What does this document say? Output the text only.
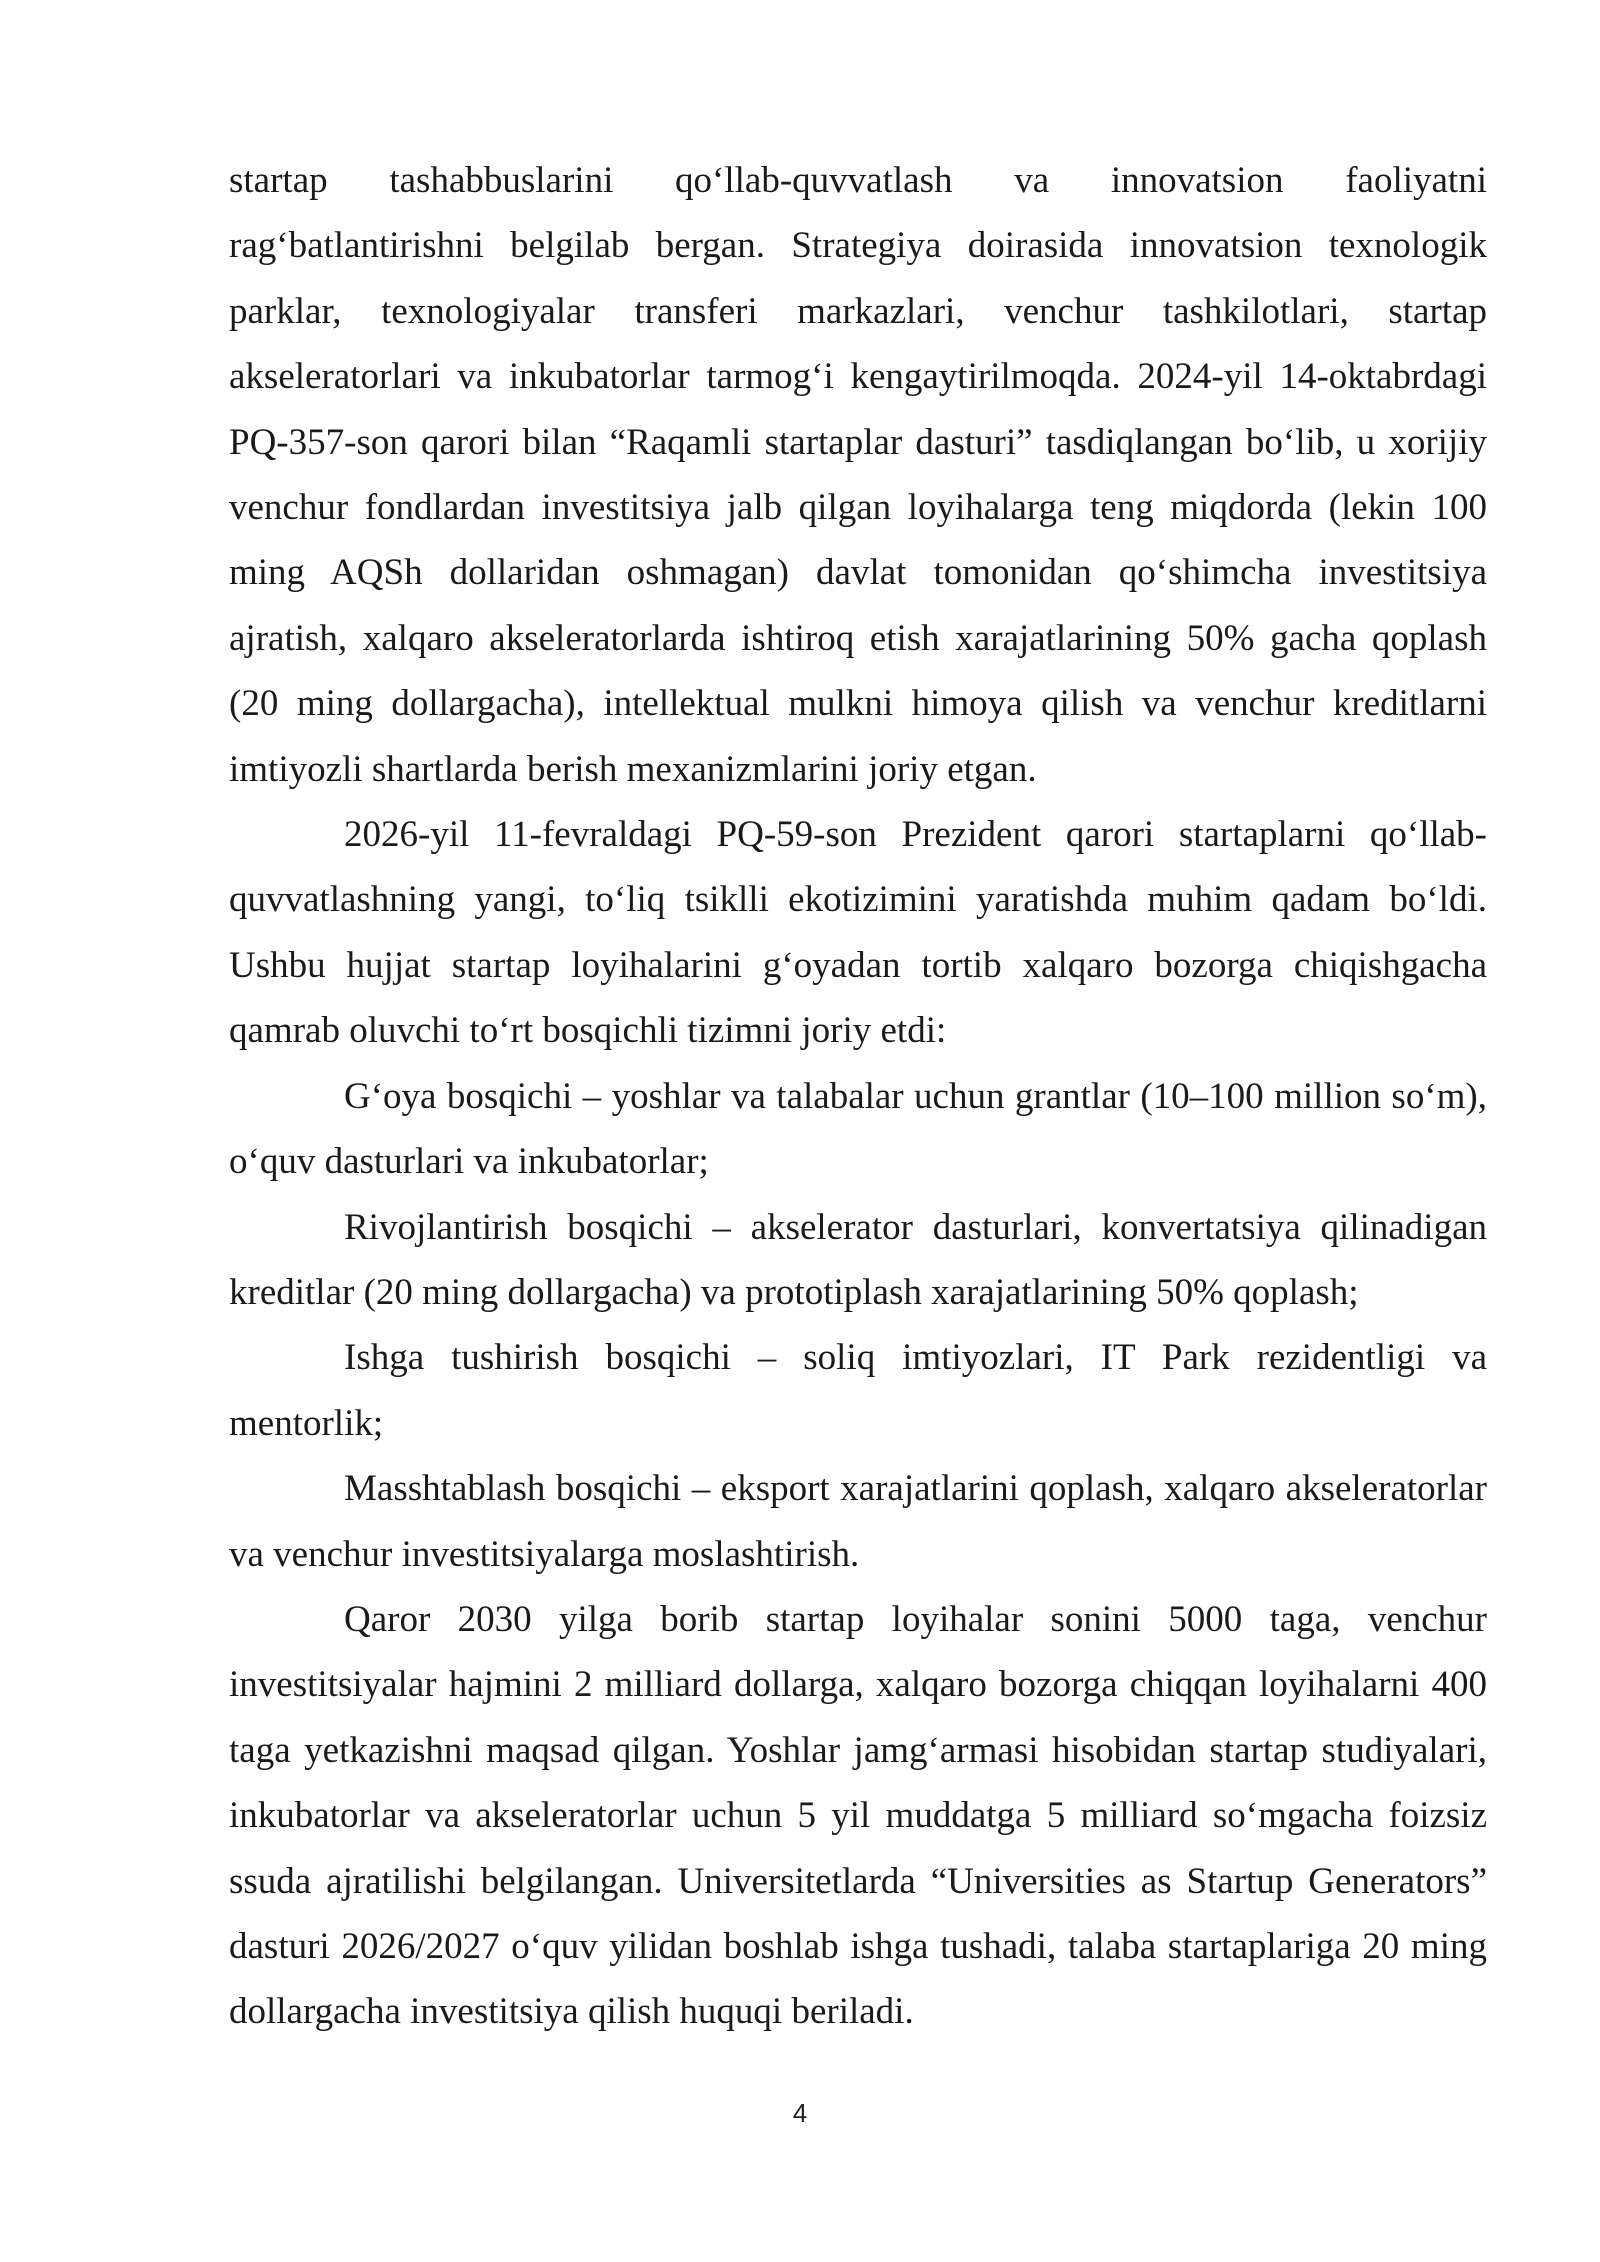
startap tashabbuslarini qo‘llab-quvvatlash va innovatsion faoliyatni rag‘batlantirishni belgilab bergan. Strategiya doirasida innovatsion texnologik parklar, texnologiyalar transferi markazlari, venchur tashkilotlari, startap akseleratorlari va inkubatorlar tarmog‘i kengaytirilmoqda. 2024-yil 14-oktabrdagi PQ-357-son qarori bilan “Raqamli startaplar dasturi” tasdiqlangan bo‘lib, u xorijiy venchur fondlardan investitsiya jalb qilgan loyihalarga teng miqdorda (lekin 100 ming AQSh dollaridan oshmagan) davlat tomonidan qo‘shimcha investitsiya ajratish, xalqaro akseleratorlarda ishtiroq etish xarajatlarining 50% gacha qoplash (20 ming dollargacha), intellektual mulkni himoya qilish va venchur kreditlarni imtiyozli shartlarda berish mexanizmlarini joriy etgan.

2026-yil 11-fevraldagi PQ-59-son Prezident qarori startaplarni qo‘llab-quvvatlashning yangi, to‘liq tsiklli ekotizimini yaratishda muhim qadam bo‘ldi. Ushbu hujjat startap loyihalarini g‘oyadan tortib xalqaro bozorga chiqishgacha qamrab oluvchi to‘rt bosqichli tizimni joriy etdi:

G‘oya bosqichi – yoshlar va talabalar uchun grantlar (10–100 million so‘m), o‘quv dasturlari va inkubatorlar;

Rivojlantirish bosqichi – akselerator dasturlari, konvertatsiya qilinadigan kreditlar (20 ming dollargacha) va prototiplash xarajatlarining 50% qoplash;

Ishga tushirish bosqichi – soliq imtiyozlari, IT Park rezidentligi va mentorlik;

Masshtablash bosqichi – eksport xarajatlarini qoplash, xalqaro akseleratorlar va venchur investitsiyalarga moslashtirish.

Qaror 2030 yilga borib startap loyihalar sonini 5000 taga, venchur investitsiyalar hajmini 2 milliard dollarga, xalqaro bozorga chiqqan loyihalarni 400 taga yetkazishni maqsad qilgan. Yoshlar jamg‘armasi hisobidan startap studiyalari, inkubatorlar va akseleratorlar uchun 5 yil muddatga 5 milliard so‘mgacha foizsiz ssuda ajratilishi belgilangan. Universitetlarda “Universities as Startup Generators” dasturi 2026/2027 o‘quv yilidan boshlab ishga tushadi, talaba startaplariga 20 ming dollargacha investitsiya qilish huquqi beriladi.

4
